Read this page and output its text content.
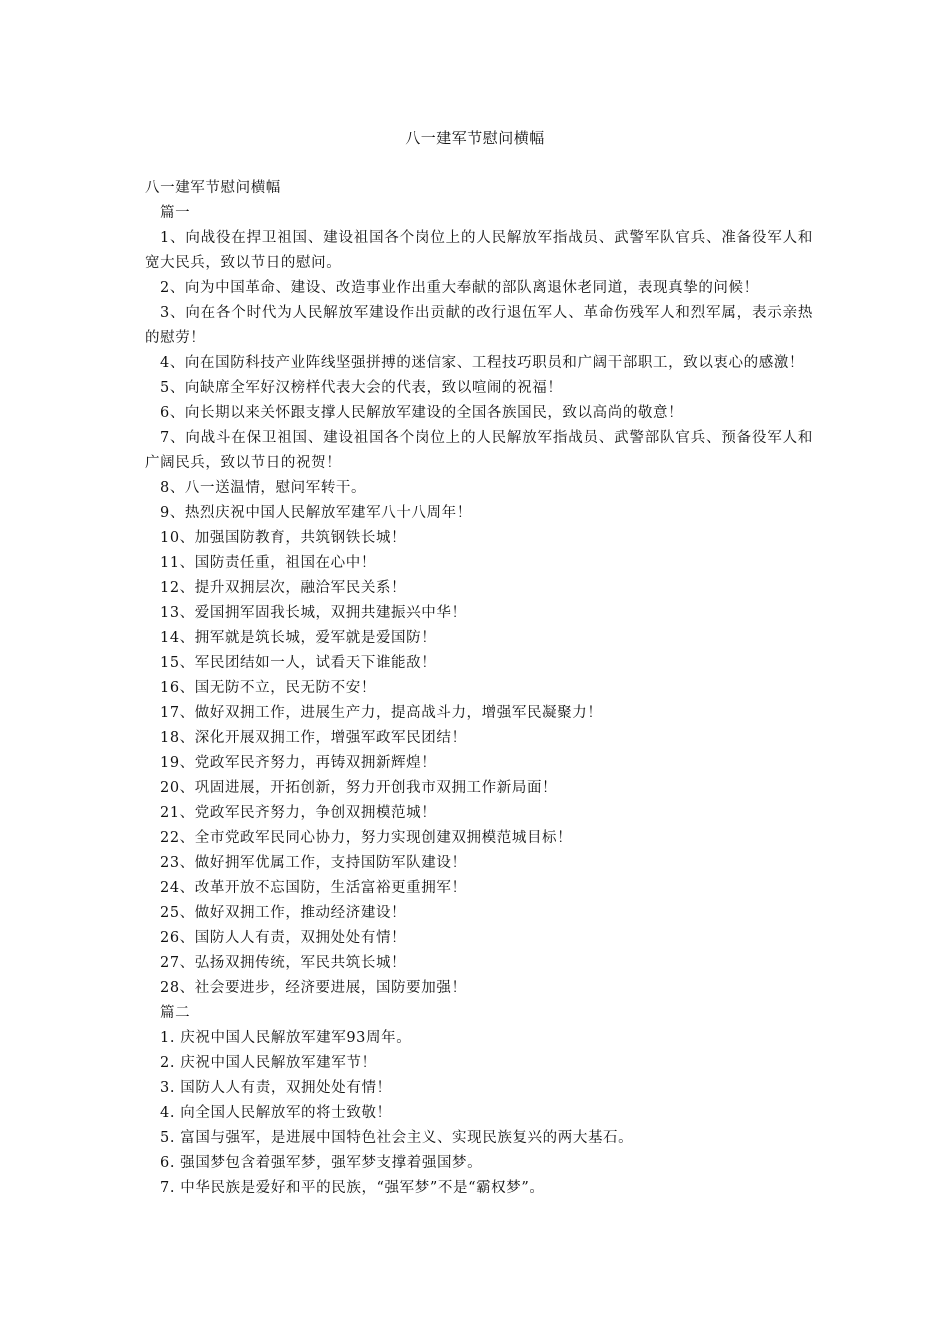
八一建军节慰问横幅

八一建军节慰问横幅

篇一

1、向战役在捍卫祖国、建设祖国各个岗位上的人民解放军指战员、武警军队官兵、准备役军人和宽大民兵，致以节日的慰问。

2、向为中国革命、建设、改造事业作出重大奉献的部队离退休老同道，表现真挚的问候！

3、向在各个时代为人民解放军建设作出贡献的改行退伍军人、革命伤残军人和烈军属，表示亲热的慰劳！

4、向在国防科技产业阵线坚强拼搏的迷信家、工程技巧职员和广阔干部职工，致以衷心的感激！

5、向缺席全军好汉榜样代表大会的代表，致以喧闹的祝福！

6、向长期以来关怀跟支撑人民解放军建设的全国各族国民，致以高尚的敬意！

7、向战斗在保卫祖国、建设祖国各个岗位上的人民解放军指战员、武警部队官兵、预备役军人和广阔民兵，致以节日的祝贺！

8、八一送温情，慰问军转干。

9、热烈庆祝中国人民解放军建军八十八周年！

10、加强国防教育，共筑钢铁长城！

11、国防责任重，祖国在心中！

12、提升双拥层次，融洽军民关系！

13、爱国拥军固我长城，双拥共建振兴中华！

14、拥军就是筑长城，爱军就是爱国防！

15、军民团结如一人，试看天下谁能敌！

16、国无防不立，民无防不安！

17、做好双拥工作，进展生产力，提高战斗力，增强军民凝聚力！

18、深化开展双拥工作，增强军政军民团结！

19、党政军民齐努力，再铸双拥新辉煌！

20、巩固进展，开拓创新，努力开创我市双拥工作新局面！

21、党政军民齐努力，争创双拥模范城！

22、全市党政军民同心协力，努力实现创建双拥模范城目标！

23、做好拥军优属工作，支持国防军队建设！

24、改革开放不忘国防，生活富裕更重拥军！

25、做好双拥工作，推动经济建设！

26、国防人人有责，双拥处处有情！

27、弘扬双拥传统，军民共筑长城！

28、社会要进步，经济要进展，国防要加强！

篇二

1. 庆祝中国人民解放军建军93周年。

2. 庆祝中国人民解放军建军节！

3. 国防人人有责，双拥处处有情！

4. 向全国人民解放军的将士致敬！

5. 富国与强军，是进展中国特色社会主义、实现民族复兴的两大基石。

6. 强国梦包含着强军梦，强军梦支撑着强国梦。

7. 中华民族是爱好和平的民族，“强军梦”不是“霸权梦”。
